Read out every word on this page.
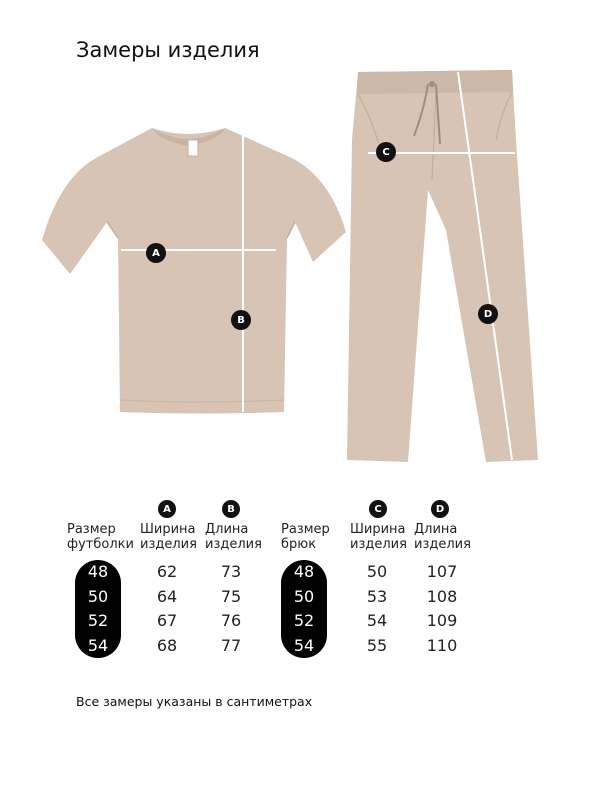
Замеры изделия
A
B
C
D
A	B
Размер
футболки
Ширина
изделия
Длина
изделия
48
50
52
54
62
64
67
68
73
75
76
77
C	D
Размер
брюк
Ширина
изделия
Длина
изделия
48
50
52
54
50
53
54
55
107
108
109
110
Все замеры указаны в сантиметрах
